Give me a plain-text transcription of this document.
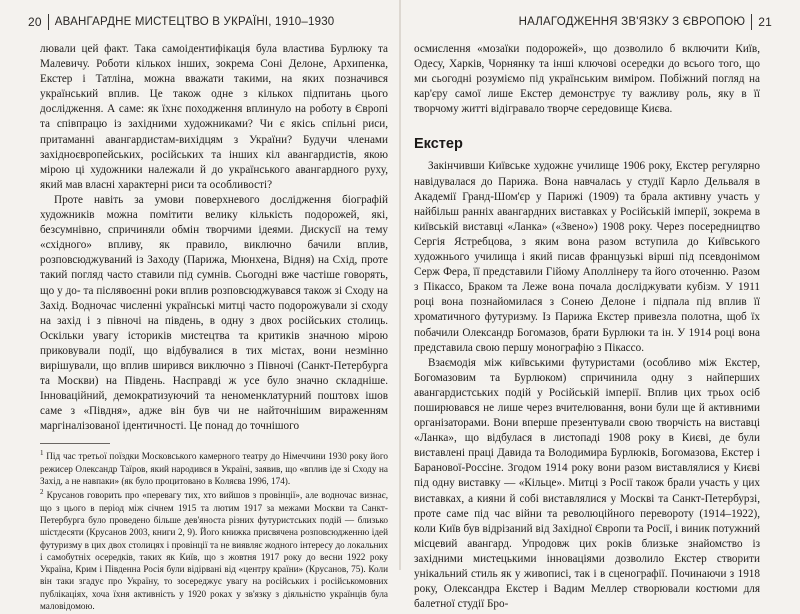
20 АВАНГАРДНЕ МИСТЕЦТВО В УКРАЇНІ, 1910–1930

лювали цей факт. Така самоідентифікація була властива Бурлюку та Малевичу. Роботи кількох інших, зокрема Соні Делоне, Архипенка, Екстер і Татліна, можна вважати такими, на яких позначився український вплив. Це також одне з кількох підпитань цього дослідження. А саме: як їхнє походження вплинуло на роботу в Європі та співпрацю із західними художниками? Чи є якісь спільні риси, притаманні авангардистам-вихідцям з України? Будучи членами західноєвропейських, російських та інших кіл авангардистів, якою мірою ці художники належали й до українського авангардного руху, який мав власні характерні риси та особливості?

Проте навіть за умови поверхневого дослідження біографій художників можна помітити велику кількість подорожей, які, безсумнівно, спричиняли обмін творчими ідеями. Дискусії на тему «східного» впливу, як правило, виключно бачили вплив, розповсюджуваний із Заходу (Парижа, Мюнхена, Відня) на Схід, проте такий погляд часто ставили під сумнів. Сьогодні вже частіше говорять, що у до- та післявоєнні роки вплив розповсюджувався також зі Сходу на Захід. Водночас численні українські митці часто подорожували зі сходу на захід і з півночі на південь, в одну з двох російських столиць. Оскільки увагу істориків мистецтва та критиків значною мірою приковували події, що відбувалися в тих містах, вони незмінно вирішували, що вплив ширився виключно з Півночі (Санкт-Петербурга та Москви) на Південь. Насправді ж усе було значно складніше. Інноваційний, демократизуючий та неноменклатурний поштовх ішов саме з «Півдня», адже він був чи не найточнішим вираженням маргіналізованої ідентичності. Це понад до точнішого

$^1$ Під час третьої поїздки Московського камерного театру до Німеччини 1930 року його режисер Олександр Таїров, який народився в Україні, заявив, що «вплив іде зі Сходу на Захід, а не навпаки» (як було процитовано в Коляєва 1996, 174).

$^2$ Крусанов говорить про «перевагу тих, хто вийшов з провінції», але водночас визнає, що з цього в період між січнем 1915 та лютим 1917 за межами Москви та Санкт-Петербурга було проведено більше дев'яноста різних футуристських подій — близько шістдесяти (Крусанов 2003, книги 2, 9). Його книжка присвячена розповсюдженню ідей футуризму в цих двох столицях і провінції та не виявляє жодного інтересу до локальних і самобутніх осередків, таких як Київ, що з жовтня 1917 року до весни 1922 року Україна, Крим і Південна Росія були відірвані від «центру країни» (Крусанов, 75). Коли він таки згадує про Україну, то зосереджує увагу на російських і російськомовних публікаціях, хоча їхня активність у 1920 роках у зв'язку з діяльністю українців була маловідомою.

НАЛАГОДЖЕННЯ ЗВ'ЯЗКУ З ЄВРОПОЮ 21

осмислення «мозаїки подорожей», що дозволило б включити Київ, Одесу, Харків, Чорнянку та інші ключові осередки до всього того, що ми сьогодні розуміємо під українським виміром. Побіжний погляд на кар'єру самої лише Екстер демонструє ту важливу роль, яку в її творчому житті відігравало творче середовище Києва.

Екстер

Закінчивши Київське художнє училище 1906 року, Екстер регулярно навідувалася до Парижа. Вона навчалась у студії Карло Дельваля в Академії Гранд-Шом'єр у Парижі (1909) та брала активну участь у найбільш ранніх авангардних виставках у Російській імперії, зокрема в київській виставці «Ланка» («Звено») 1908 року. Через посередництво Сергія Ястребцова, з яким вона разом вступила до Київського художнього училища і який писав французькі вірші під псевдонімом Серж Фера, її представили Гійому Аполлінеру та його оточенню. Разом з Пікассо, Браком та Леже вона почала досліджувати кубізм. У 1911 році вона познайомилася з Сонею Делоне і підпала під вплив її хроматичного футуризму. Із Парижа Екстер привезла полотна, щоб їх побачили Олександр Богомазов, брати Бурлюки та ін. У 1914 році вона представила свою першу монографію з Пікассо.

Взаємодія між київськими футуристами (особливо між Екстер, Богомазовим та Бурлюком) спричинила одну з найперших авангардистських подій у Російській імперії. Вплив цих трьох осіб поширювався не лише через вчителювання, вони були ще й активними організаторами. Вони вперше презентували свою творчість на виставці «Ланка», що відбулася в листопаді 1908 року в Києві, де були виставлені праці Давида та Володимира Бурлюків, Богомазова, Екстер і Баранової-Россіне. Згодом 1914 року вони разом виставлялися у Києві під одну виставку — «Кільце». Митці з Росії також брали участь у цих виставках, а кияни й собі виставлялися у Москві та Санкт-Петербурзі, проте саме під час війни та революційного перевороту (1914–1922), коли Київ був відрізаний від Західної Європи та Росії, і виник потужний місцевий авангард. Упродовж цих років близьке знайомство із західними мистецькими інноваціями дозволило Екстер створити унікальний стиль як у живописі, так і в сценографії. Починаючи з 1918 року, Олександра Екстер і Вадим Меллер створювали костюми для балетної студії Бро-
